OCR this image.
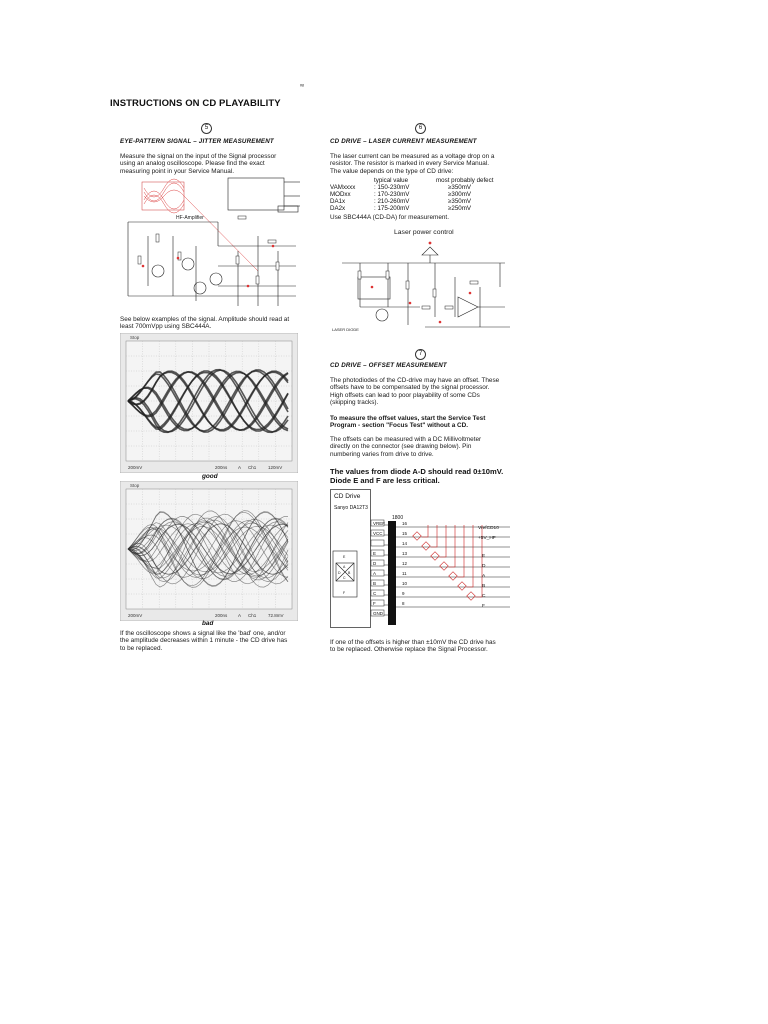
ᵛᵒ
INSTRUCTIONS ON CD PLAYABILITY
5
EYE-PATTERN SIGNAL – JITTER MEASUREMENT
Measure the signal on the input of the Signal processor
using an analog oscilloscope. Please find the exact
measuring point in your Service Manual.
HF-Amplifier
See below examples of the signal. Amplitude should read at
least 700mVpp using SBC444A.
Stop
200mV	200ns A Ch1	120mV
good
Stop
200mV	200ns A Ch1	72.8mV
bad
If the oscilloscope shows a signal like the 'bad' one, and/or
the amplitude decreases within 1 minute - the CD drive has
to be replaced.
6
CD DRIVE – LASER CURRENT MEASUREMENT
The laser current can be measured as a voltage drop on a
resistor. The resistor is marked in every Service Manual.
The value depends on the type of CD drive:
	typical value	most probably defect
VAMxxxx	: 150-230mV	≥350mV
MODxx	: 170-230mV	≥300mV
DA1x	: 210-260mV	≥350mV
DA2x	: 175-200mV	≥250mV
Use SBC444A (CD-DA) for measurement.
Laser power control
LASER DIODE
7
CD DRIVE – OFFSET MEASUREMENT
The photodiodes of the CD-drive may have an offset. These
offsets have to be compensated by the signal processor.
High offsets can lead to poor playability of some CDs
(skipping tracks).
To measure the offset values, start the Service Test
Program - section "Focus Test" without a CD.
The offsets can be measured with a DC Millivoltmeter
directly on the connector (see drawing below). Pin
numbering varies from drive to drive.
The values from diode A-D should read 0±10mV.
Diode E and F are less critical.
CD Drive
Sanyo DA12T3
E
F
A
B
C
D
1800
VREF	16
VCC	15
14
E	13
D	12
A	11
B	10
C	9
F	8
GND
VrefCD10
+5V_HF
E
D
A
B
C
F
If one of the offsets is higher than ±10mV the CD drive has
to be replaced. Otherwise replace the Signal Processor.
